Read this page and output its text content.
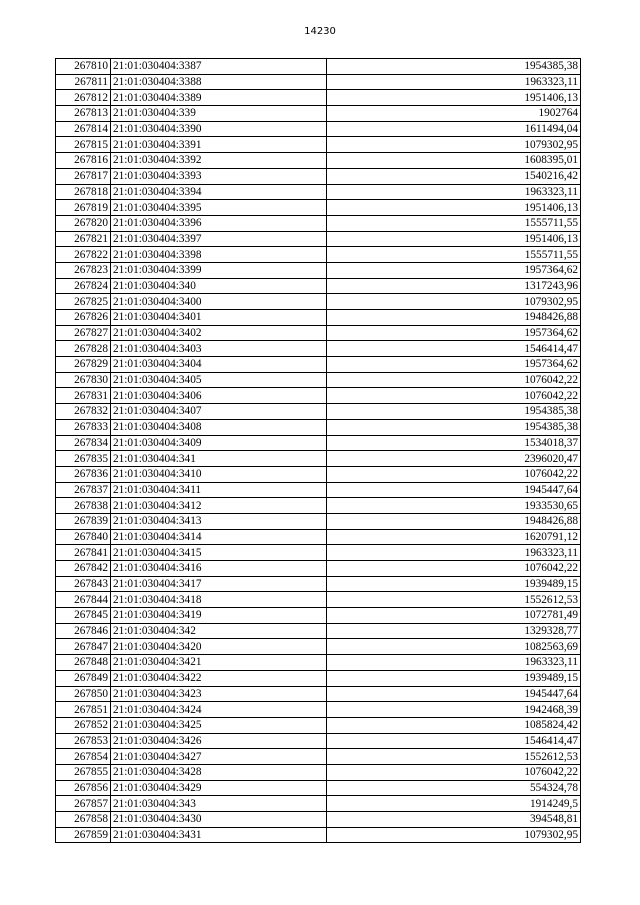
14230
267810	21:01:030404:3387	1954385,38
267811	21:01:030404:3388	1963323,11
267812	21:01:030404:3389	1951406,13
267813	21:01:030404:339	1902764
267814	21:01:030404:3390	1611494,04
267815	21:01:030404:3391	1079302,95
267816	21:01:030404:3392	1608395,01
267817	21:01:030404:3393	1540216,42
267818	21:01:030404:3394	1963323,11
267819	21:01:030404:3395	1951406,13
267820	21:01:030404:3396	1555711,55
267821	21:01:030404:3397	1951406,13
267822	21:01:030404:3398	1555711,55
267823	21:01:030404:3399	1957364,62
267824	21:01:030404:340	1317243,96
267825	21:01:030404:3400	1079302,95
267826	21:01:030404:3401	1948426,88
267827	21:01:030404:3402	1957364,62
267828	21:01:030404:3403	1546414,47
267829	21:01:030404:3404	1957364,62
267830	21:01:030404:3405	1076042,22
267831	21:01:030404:3406	1076042,22
267832	21:01:030404:3407	1954385,38
267833	21:01:030404:3408	1954385,38
267834	21:01:030404:3409	1534018,37
267835	21:01:030404:341	2396020,47
267836	21:01:030404:3410	1076042,22
267837	21:01:030404:3411	1945447,64
267838	21:01:030404:3412	1933530,65
267839	21:01:030404:3413	1948426,88
267840	21:01:030404:3414	1620791,12
267841	21:01:030404:3415	1963323,11
267842	21:01:030404:3416	1076042,22
267843	21:01:030404:3417	1939489,15
267844	21:01:030404:3418	1552612,53
267845	21:01:030404:3419	1072781,49
267846	21:01:030404:342	1329328,77
267847	21:01:030404:3420	1082563,69
267848	21:01:030404:3421	1963323,11
267849	21:01:030404:3422	1939489,15
267850	21:01:030404:3423	1945447,64
267851	21:01:030404:3424	1942468,39
267852	21:01:030404:3425	1085824,42
267853	21:01:030404:3426	1546414,47
267854	21:01:030404:3427	1552612,53
267855	21:01:030404:3428	1076042,22
267856	21:01:030404:3429	554324,78
267857	21:01:030404:343	1914249,5
267858	21:01:030404:3430	394548,81
267859	21:01:030404:3431	1079302,95
